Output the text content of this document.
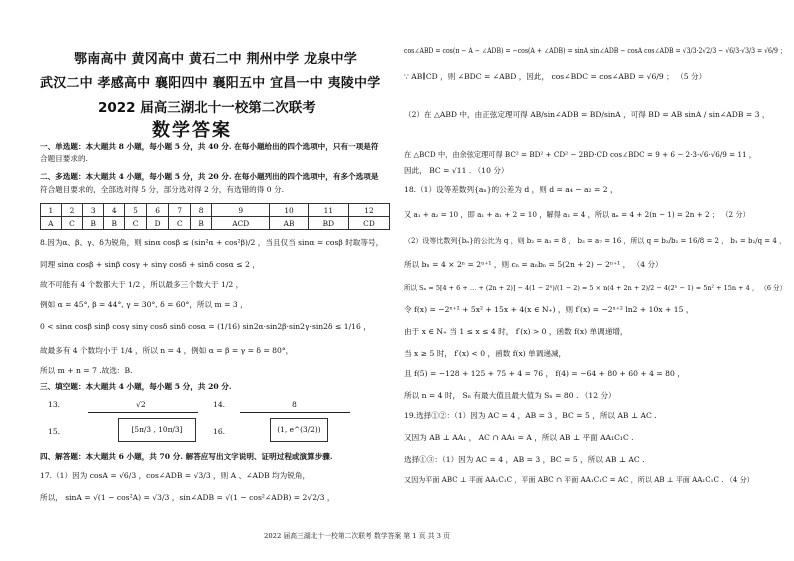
鄂南高中 黄冈高中 黄石二中 荆州中学 龙泉中学
武汉二中 孝感高中 襄阳四中 襄阳五中 宜昌一中 夷陵中学
2022 届高三湖北十一校第二次联考
数学答案
一、单选题：本大题共 8 小题，每小题 5 分，共 40 分. 在每小题给出的四个选项中，只有一项是符
合题目要求的.
二、多选题：本大题共 4 小题，每小题 5 分，共 20 分. 在每小题列出的四个选项中，有多个选项是
符合题目要求的，全部选对得 5 分，部分选对得 2 分，有选错的得 0 分.
1	2	3	4	5	6	7	8	9	10	11	12
A	C	B	B	C	D	C	B	ACD	AB	BD	CD
8.因为α、β、γ、δ为锐角，则 sinα cosβ ≤ (sin²α + cos²β)/2 ，当且仅当 sinα = cosβ 时取等号，
同理 sinα cosβ + sinβ cosγ + sinγ cosδ + sinδ cosα ≤ 2 ，
故不可能有 4 个数都大于 1/2 ，所以最多三个数大于 1/2 ，
例如 α = 45°, β = 44°, γ = 30°, δ = 60°，所以 m = 3 ，
0 < sinα cosβ sinβ cosγ sinγ cosδ sinδ cosα = (1/16) sin2α·sin2β·sin2γ·sin2δ ≤ 1/16 ，
故最多有 4 个数均小于 1/4 ，所以 n = 4 ，例如 α = β = γ = δ = 80°，
所以 m + n = 7 .故选：B.
三、填空题：本大题共 4 小题，每小题 5 分，共 20 分.
13.	√2	14.	8
15.	[5π/3 , 10π/3]	16.	(1, e^(3/2))
四、解答题：本大题共 6 小题，共 70 分. 解答应写出文字说明、证明过程或演算步骤.
17.（1）因为 cosA = √6/3 ，cos∠ADB = √3/3 ，则 A 、∠ADB 均为锐角，
所以， sinA = √(1 − cos²A) = √3/3 ，sin∠ADB = √(1 − cos²∠ADB) = 2√2/3 ，
cos∠ABD = cos(π − A − ∠ADB) = −cos(A + ∠ADB) = sinA sin∠ADB − cosA cos∠ADB = √3/3·2√2/3 − √6/3·√3/3 = √6/9 ；
∵ AB∥CD ，则 ∠BDC = ∠ABD ，因此， cos∠BDC = cos∠ABD = √6/9 ； （5 分）
（2）在 △ABD 中，由正弦定理可得 AB/sin∠ADB = BD/sinA ，可得 BD = AB sinA / sin∠ADB = 3 ，
在 △BCD 中，由余弦定理可得 BC² = BD² + CD² − 2BD·CD cos∠BDC = 9 + 6 − 2·3·√6·√6/9 = 11 ，
因此， BC = √11 . （10 分）
18.（1）设等差数列{aₙ}的公差为 d ，则 d = a₄ − a₂ = 2 ，
又 a₁ + a₂ = 10 ，即 a₁ + a₁ + 2 = 10 ，解得 a₁ = 4 ，所以 aₙ = 4 + 2(n − 1) = 2n + 2 ； （2 分）
（2）设等比数列{bₙ}的公比为 q ，则 b₂ = a₃ = 8 ， b₃ = a₇ = 16 ，所以 q = b₃/b₂ = 16/8 = 2 ， b₁ = b₂/q = 4 ，
所以 bₙ = 4 × 2ⁿ = 2ⁿ⁺¹ ，则 cₙ = aₙbₙ = 5(2n + 2) − 2ⁿ⁺¹ ， （4 分）
所以 Sₙ = 5[4 + 6 + … + (2n + 2)] − 4(1 − 2ⁿ)/(1 − 2) = 5 × n(4 + 2n + 2)/2 − 4(2ⁿ − 1) = 5n² + 15n + 4 ， （6 分）
令 f(x) = −2ˣ⁺² + 5x² + 15x + 4(x ∈ N₊) ，则 f′(x) = −2ˣ⁺² ln2 + 10x + 15 ，
由于 x ∈ N₊ 当 1 ≤ x ≤ 4 时， f′(x) > 0 ，函数 f(x) 单调递增，
当 x ≥ 5 时， f′(x) < 0 ，函数 f(x) 单调递减，
且 f(5) = −128 + 125 + 75 + 4 = 76 ， f(4) = −64 + 80 + 60 + 4 = 80 ，
所以 n = 4 时， Sₙ 有最大值且最大值为 Sₙ = 80 . （12 分）
19.选择①②：（1）因为 AC = 4 ，AB = 3 ，BC = 5 ，所以 AB ⊥ AC .
又因为 AB ⊥ AA₁ ， AC ∩ AA₁ = A ，所以 AB ⊥ 平面 AA₁C₁C .
选择①③：（1）因为 AC = 4 ，AB = 3 ，BC = 5 ，所以 AB ⊥ AC .
又因为平面 ABC ⊥ 平面 AA₁C₁C ，平面 ABC ∩ 平面 AA₁C₁C = AC ，所以 AB ⊥ 平面 AA₁C₁C . （4 分）
2022 届高三湖北十一校第二次联考 数学答案 第 1 页 共 3 页
